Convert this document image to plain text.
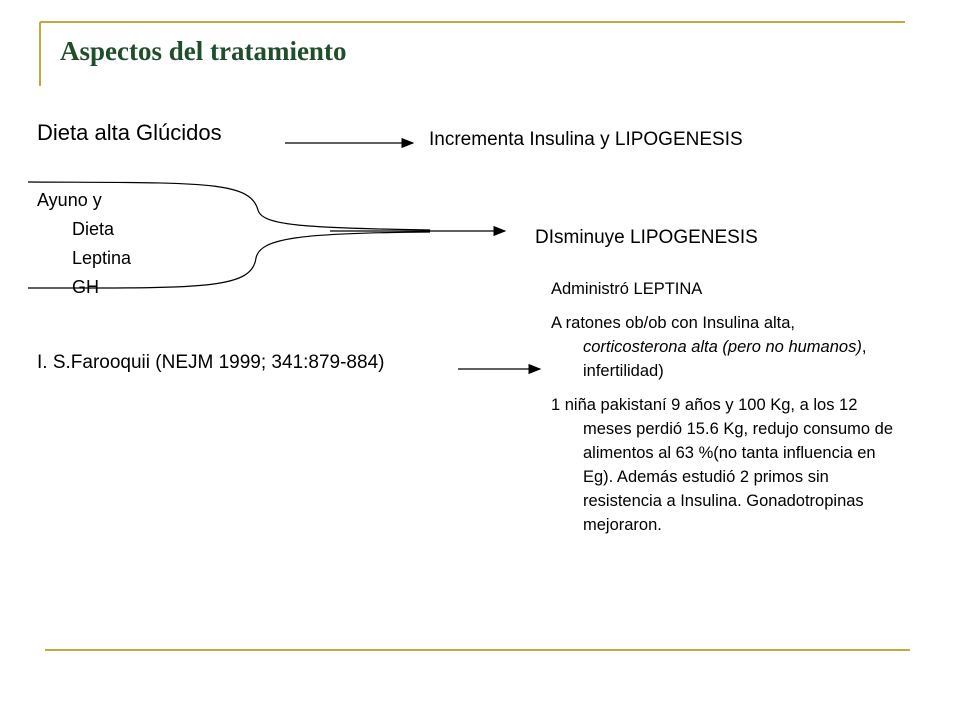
Aspectos del tratamiento
Dieta alta Glúcidos	Incrementa Insulina y LIPOGENESIS
Ayuno y
Dieta
Leptina
GH
DIsminuye LIPOGENESIS
I. S.Farooquii (NEJM 1999; 341:879-884)

Administró LEPTINA

A ratones ob/ob con Insulina alta, corticosterona alta (pero no humanos), infertilidad)

1 niña pakistaní 9 años y 100 Kg, a los 12 meses perdió 15.6 Kg, redujo consumo de alimentos al 63 %(no tanta influencia en Eg). Además estudió 2 primos sin resistencia a Insulina. Gonadotropinas mejoraron.
